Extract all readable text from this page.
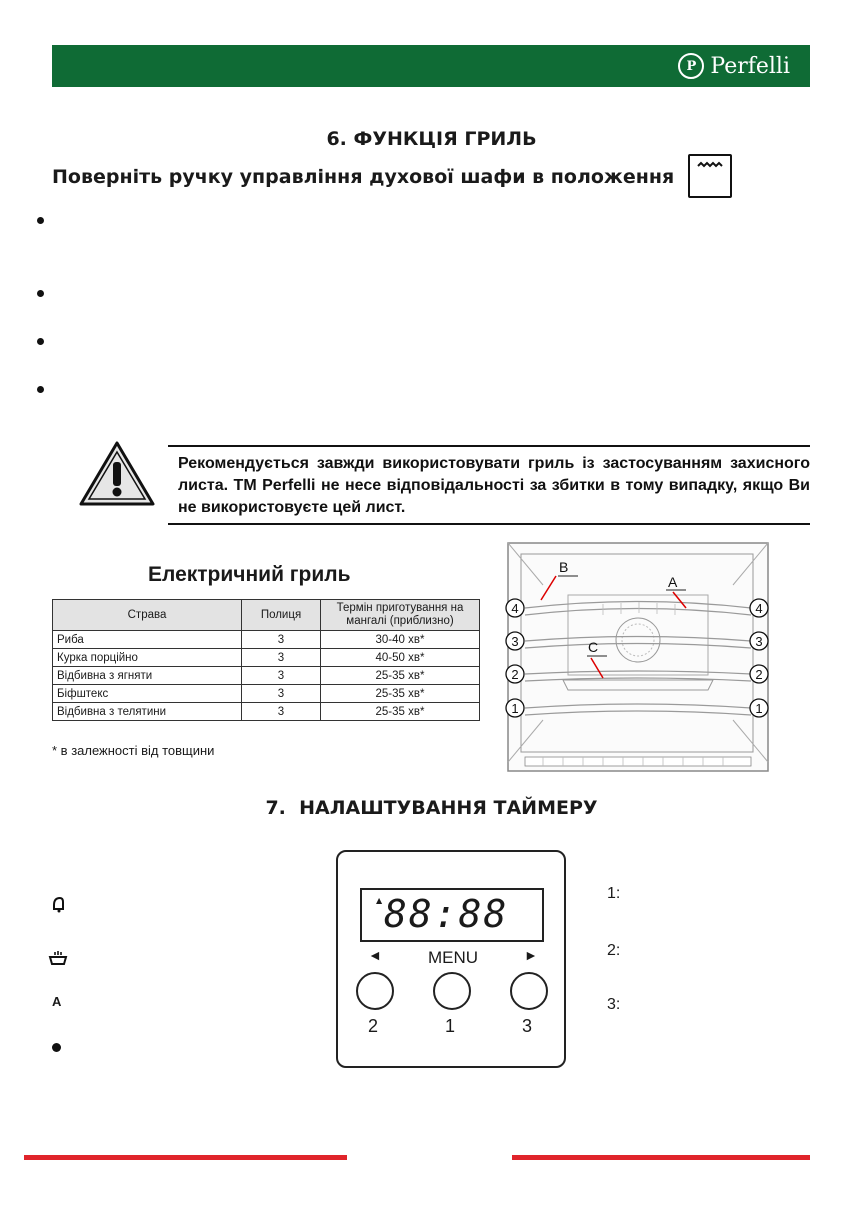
P Perfelli
6. ФУНКЦІЯ ГРИЛЬ
Поверніть ручку управління духової шафи в положення
Рекомендується завжди використовувати гриль із застосуванням захисного листа. ТМ Perfelli не несе відповідальності за збитки в тому випадку, якщо Ви не використовуєте цей лист.
Електричний гриль
Страва	Полиця	Термін приготування на мангалі (приблизно)
Риба	3	30-40 хв*
Курка порційно	3	40-50 хв*
Відбивна з ягняти	3	25-35 хв*
Біфштекс	3	25-35 хв*
Відбивна з телятини	3	25-35 хв*
* в залежності від товщини
B
A
C
4
3
2
1
4
3
2
1
7.  НАЛАШТУВАННЯ ТАЙМЕРУ
A
▲ 88:88
◄	MENU	►
2	1	3
1:
2:
3:
